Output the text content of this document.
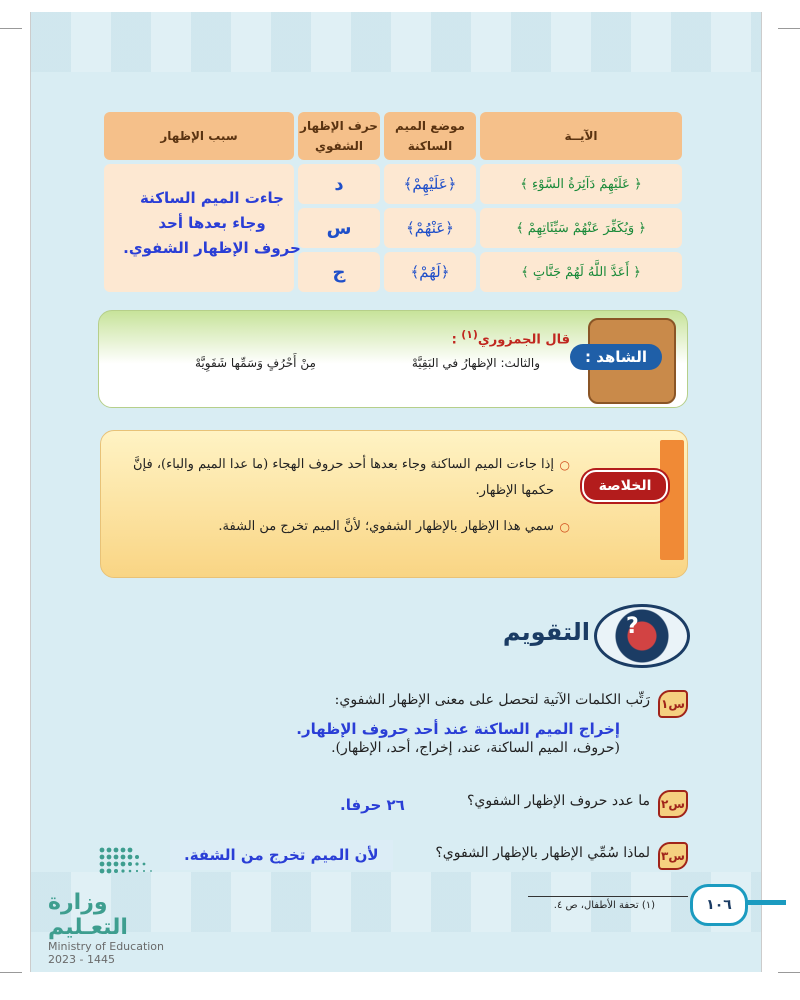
الآيــة	موضع الميم الساكنة	حرف الإظهار الشفوي	سبب الإظهار
﴿ عَلَيْهِمْ دَآئِرَةُ السَّوْءِ ﴾	﴿عَلَيْهِمْ﴾	د	
﴿ وَيُكَفِّرَ عَنْهُمْ سَيِّئَاتِهِمْ ﴾	﴿عَنْهُمْ﴾	س	
﴿ أَعَدَّ اللَّهُ لَهُمْ جَنَّاتٍ ﴾	﴿لَهُمْ﴾	ج	
جاءت الميم الساكنة
وجاء بعدها أحد
حروف الإظهار الشفوي.
الشاهد :
قال الجمزوري$^{(١)}$ :
والثالث: الإظهارُ في البَقِيَّهْ
مِنْ أَحْرُفٍ وَسَمِّها شَفَوِيَّهْ
الخلاصة

○
إذا جاءت الميم الساكنة وجاء بعدها أحد حروف الهجاء (ما عدا الميم والباء)، فإنَّ حكمها الإظهار.

○
سمي هذا الإظهار بالإظهار الشفوي؛ لأنَّ الميم تخرج من الشفة.

?
التقويم
س١
رَتِّب الكلمات الآتية لتحصل على معنى الإظهار الشفوي:
إخراج الميم الساكنة عند أحد حروف الإظهار.
(حروف، الميم الساكنة، عند، إخراج، أحد، الإظهار).
س٢
ما عدد حروف الإظهار الشفوي؟
٢٦ حرفا.
س٣
لماذا سُمِّي الإظهار بالإظهار الشفوي؟
لأن الميم تخرج من الشفة.
(١) تحفة الأطفال، ص ٤.	١٠٦
وزارة التعـليم
Ministry of Education
2023 - 1445
